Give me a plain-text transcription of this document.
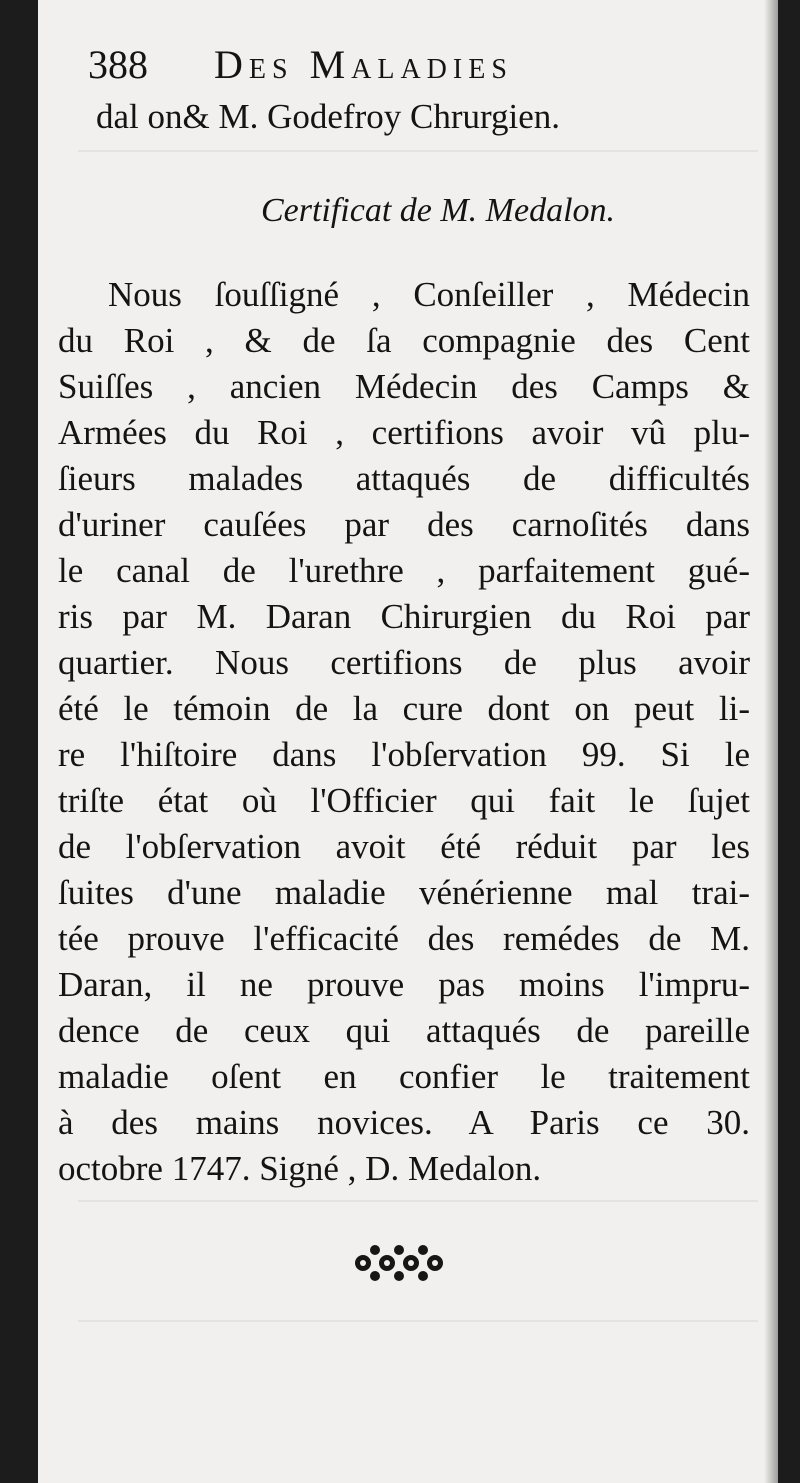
388 Des Maladies
dal on& M. Godefroy Chrurgien.
Certificat de M. Medalon.
Nous ſouſſigné , Conſeiller , Médecin
du Roi , & de ſa compagnie des Cent
Suiſſes , ancien Médecin des Camps &
Armées du Roi , certifions avoir vû plu-
ſieurs malades attaqués de difficultés
d'uriner cauſées par des carnoſités dans
le canal de l'urethre , parfaitement gué-
ris par M. Daran Chirurgien du Roi par
quartier. Nous certifions de plus avoir
été le témoin de la cure dont on peut li-
re l'hiſtoire dans l'obſervation 99. Si le
triſte état où l'Officier qui fait le ſujet
de l'obſervation avoit été réduit par les
ſuites d'une maladie vénérienne mal trai-
tée prouve l'efficacité des remédes de M.
Daran, il ne prouve pas moins l'impru-
dence de ceux qui attaqués de pareille
maladie oſent en confier le traitement
à des mains novices. A Paris ce 30.
octobre 1747. Signé , D. Medalon.
